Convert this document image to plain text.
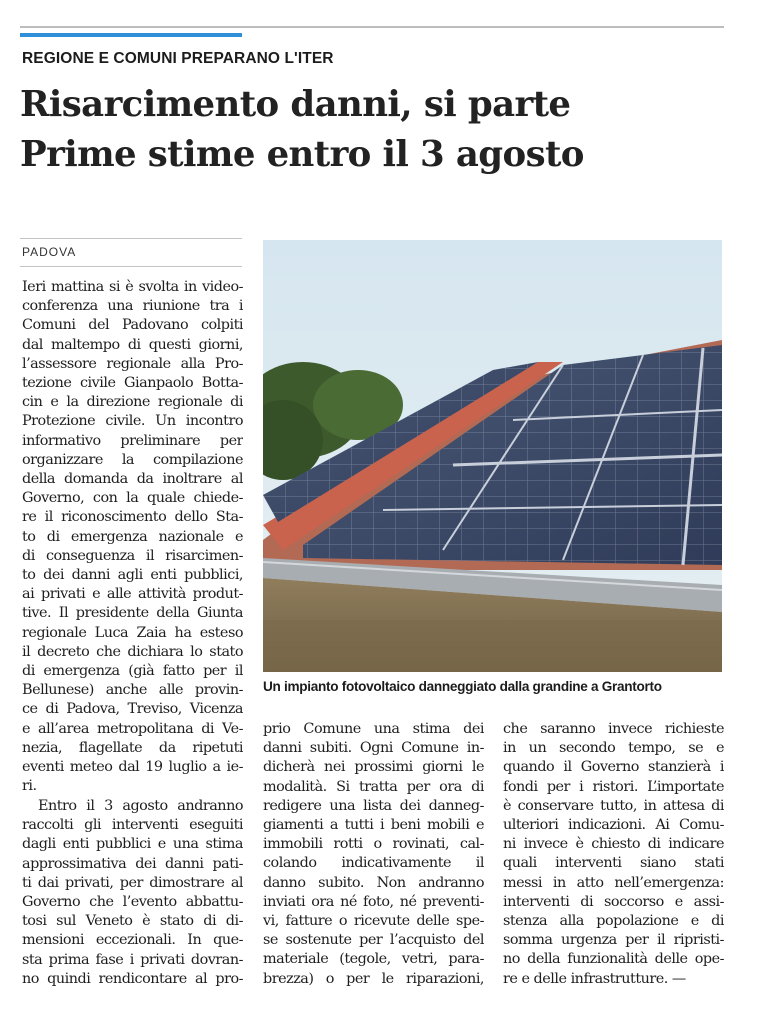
REGIONE E COMUNI PREPARANO L'ITER
Risarcimento danni, si parte
Prime stime entro il 3 agosto
PADOVA
Un impianto fotovoltaico danneggiato dalla grandine a Grantorto
Ieri mattina si è svolta in video-
conferenza una riunione tra i
Comuni del Padovano colpiti
dal maltempo di questi giorni,
l’assessore regionale alla Pro-
tezione civile Gianpaolo Botta-
cin e la direzione regionale di
Protezione civile. Un incontro
informativo preliminare per
organizzare la compilazione
della domanda da inoltrare al
Governo, con la quale chiede-
re il riconoscimento dello Sta-
to di emergenza nazionale e
di conseguenza il risarcimen-
to dei danni agli enti pubblici,
ai privati e alle attività produt-
tive. Il presidente della Giunta
regionale Luca Zaia ha esteso
il decreto che dichiara lo stato
di emergenza (già fatto per il
Bellunese) anche alle provin-
ce di Padova, Treviso, Vicenza
e all’area metropolitana di Ve-
nezia, flagellate da ripetuti
eventi meteo dal 19 luglio a ie-
ri.
Entro il 3 agosto andranno
raccolti gli interventi eseguiti
dagli enti pubblici e una stima
approssimativa dei danni pati-
ti dai privati, per dimostrare al
Governo che l’evento abbattu-
tosi sul Veneto è stato di di-
mensioni eccezionali. In que-
sta prima fase i privati dovran-
no quindi rendicontare al pro-
prio Comune una stima dei
danni subiti. Ogni Comune in-
dicherà nei prossimi giorni le
modalità. Si tratta per ora di
redigere una lista dei danneg-
giamenti a tutti i beni mobili e
immobili rotti o rovinati, cal-
colando indicativamente il
danno subito. Non andranno
inviati ora né foto, né preventi-
vi, fatture o ricevute delle spe-
se sostenute per l’acquisto del
materiale (tegole, vetri, para-
brezza) o per le riparazioni,
che saranno invece richieste
in un secondo tempo, se e
quando il Governo stanzierà i
fondi per i ristori. L’importate
è conservare tutto, in attesa di
ulteriori indicazioni. Ai Comu-
ni invece è chiesto di indicare
quali interventi siano stati
messi in atto nell’emergenza:
interventi di soccorso e assi-
stenza alla popolazione e di
somma urgenza per il ripristi-
no della funzionalità delle ope-
re e delle infrastrutture. —
